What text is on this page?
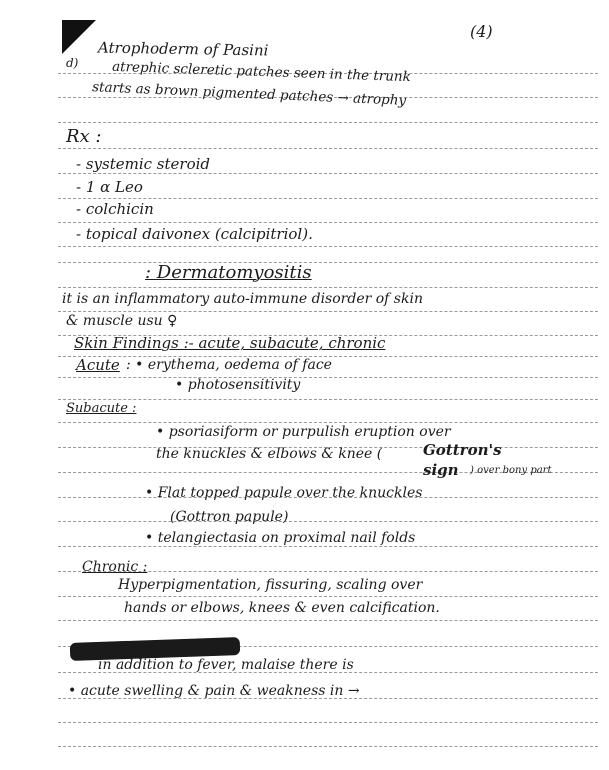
(4)
d)
Atrophoderm of Pasini
atrephic scleretic patches seen in the trunk
starts as brown pigmented patches → atrophy
Rx :
- systemic steroid
- 1 α Leo
- colchicin
- topical daivonex (calcipitriol).
: Dermatomyositis
it is an inflammatory auto-immune disorder of skin
& muscle usu ♀
Skin Findings :- acute, subacute, chronic
Acute : • erythema, oedema of face
• photosensitivity
Subacute :
• psoriasiform or purpulish eruption over
the knuckles & elbows & knee (	Gottron's sign	) over bony part
• Flat topped papule over the knuckles
(Gottron papule)
• telangiectasia on proximal nail folds
Chronic :
Hyperpigmentation, fissuring, scaling over
hands or elbows, knees & even calcification.
in addition to fever, malaise there is
• acute swelling & pain & weakness in →
